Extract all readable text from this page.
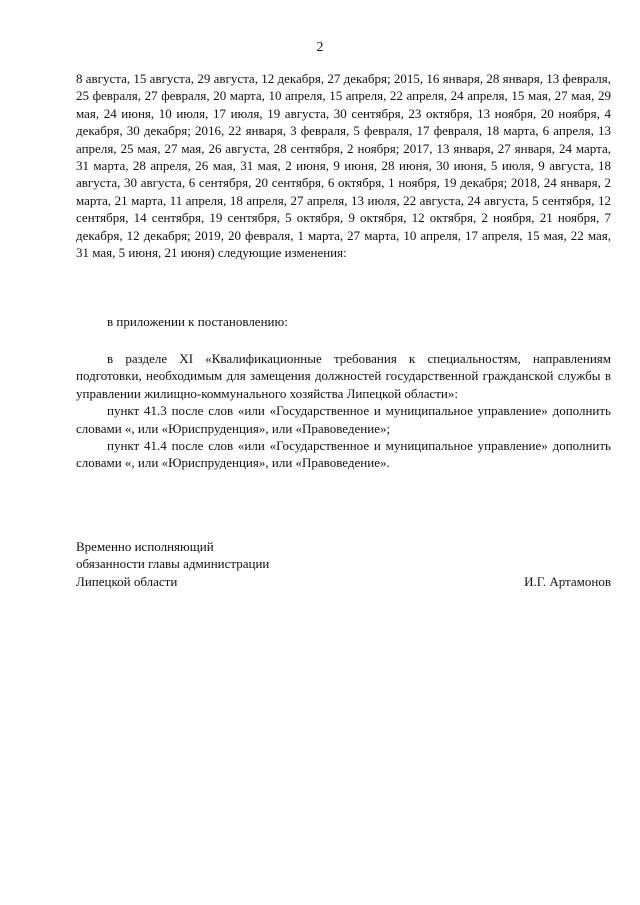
2

8 августа, 15 августа, 29 августа, 12 декабря, 27 декабря; 2015, 16 января, 28 января, 13 февраля, 25 февраля, 27 февраля, 20 марта, 10 апреля, 15 апреля, 22 апреля, 24 апреля, 15 мая, 27 мая, 29 мая, 24 июня, 10 июля, 17 июля, 19 августа, 30 сентября, 23 октября, 13 ноября, 20 ноября, 4 декабря, 30 декабря; 2016, 22 января, 3 февраля, 5 февраля, 17 февраля, 18 марта, 6 апреля, 13 апреля, 25 мая, 27 мая, 26 августа, 28 сентября, 2 ноября; 2017, 13 января, 27 января, 24 марта, 31 марта, 28 апреля, 26 мая, 31 мая, 2 июня, 9 июня, 28 июня, 30 июня, 5 июля, 9 августа, 18 августа, 30 августа, 6 сентября, 20 сентября, 6 октября, 1 ноября, 19 декабря; 2018, 24 января, 2 марта, 21 марта, 11 апреля, 18 апреля, 27 апреля, 13 июля, 22 августа, 24 августа, 5 сентября, 12 сентября, 14 сентября, 19 сентября, 5 октября, 9 октября, 12 октября, 2 ноября, 21 ноября, 7 декабря, 12 декабря; 2019, 20 февраля, 1 марта, 27 марта, 10 апреля, 17 апреля, 15 мая, 22 мая, 31 мая, 5 июня, 21 июня) следующие изменения:

в приложении к постановлению:

в разделе XI «Квалификационные требования к специальностям, направлениям подготовки, необходимым для замещения должностей государственной гражданской службы в управлении жилищно-коммунального хозяйства Липецкой области»:

пункт 41.3 после слов «или «Государственное и муниципальное управление» дополнить словами «, или «Юриспруденция», или «Правоведение»;

пункт 41.4 после слов «или «Государственное и муниципальное управление» дополнить словами «, или «Юриспруденция», или «Правоведение».

Временно исполняющий
обязанности главы администрации
Липецкой области	И.Г. Артамонов
